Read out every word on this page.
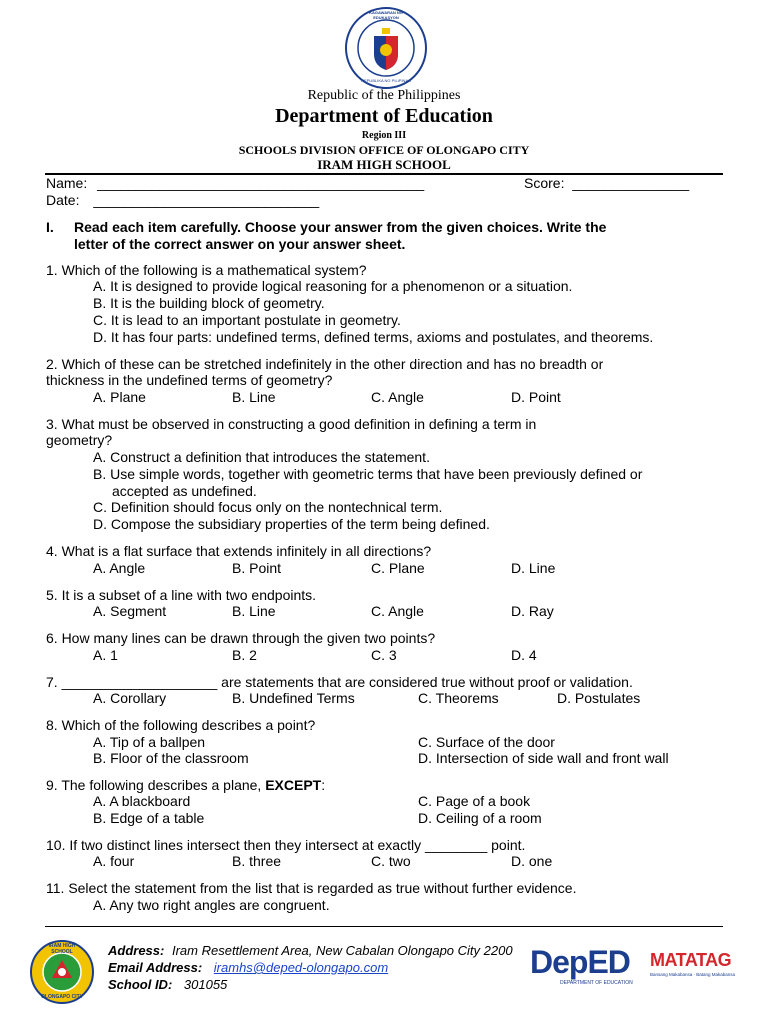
KAGAWARAN NG EDUKASYON
REPUBLIKA NG PILIPINAS
Republic of the Philippines
Department of Education
Region III
SCHOOLS DIVISION OFFICE OF OLONGAPO CITY
IRAM HIGH SCHOOL
Name: __________________________________________	Score: _______________
Date: _____________________________
I. Read each item carefully. Choose your answer from the given choices. Write the
letter of the correct answer on your answer sheet.
1. Which of the following is a mathematical system?
A. It is designed to provide logical reasoning for a phenomenon or a situation.
B. It is the building block of geometry.
C. It is lead to an important postulate in geometry.
D. It has four parts: undefined terms, defined terms, axioms and postulates, and theorems.
2. Which of these can be stretched indefinitely in the other direction and has no breadth or
thickness in the undefined terms of geometry?
A. Plane	B. Line	C. Angle	D. Point
3. What must be observed in constructing a good definition in defining a term in
geometry?
A. Construct a definition that introduces the statement.
B. Use simple words, together with geometric terms that have been previously defined or
accepted as undefined.
C. Definition should focus only on the nontechnical term.
D. Compose the subsidiary properties of the term being defined.
4. What is a flat surface that extends infinitely in all directions?
A. Angle	B. Point	C. Plane	D. Line
5. It is a subset of a line with two endpoints.
A. Segment	B. Line	C. Angle	D. Ray
6. How many lines can be drawn through the given two points?
A. 1	B. 2	C. 3	D. 4
7. ____________________ are statements that are considered true without proof or validation.
A. Corollary	B. Undefined Terms	C. Theorems	D. Postulates
8. Which of the following describes a point?
A. Tip of a ballpen	C. Surface of the door
B. Floor of the classroom	D. Intersection of side wall and front wall
9. The following describes a plane, EXCEPT:
A. A blackboard	C. Page of a book
B. Edge of a table	D. Ceiling of a room
10. If two distinct lines intersect then they intersect at exactly ________ point.
A. four	B. three	C. two	D. one
11. Select the statement from the list that is regarded as true without further evidence.
A. Any two right angles are congruent.
IRAM HIGH SCHOOL
OLONGAPO CITY
Address: Iram Resettlement Area, New Cabalan Olongapo City 2200
Email Address: iramhs@deped-olongapo.com
School ID: 301055
DepED
DEPARTMENT OF EDUCATION
MATATAG
Bansang Makabansa · Batang Makabansa
